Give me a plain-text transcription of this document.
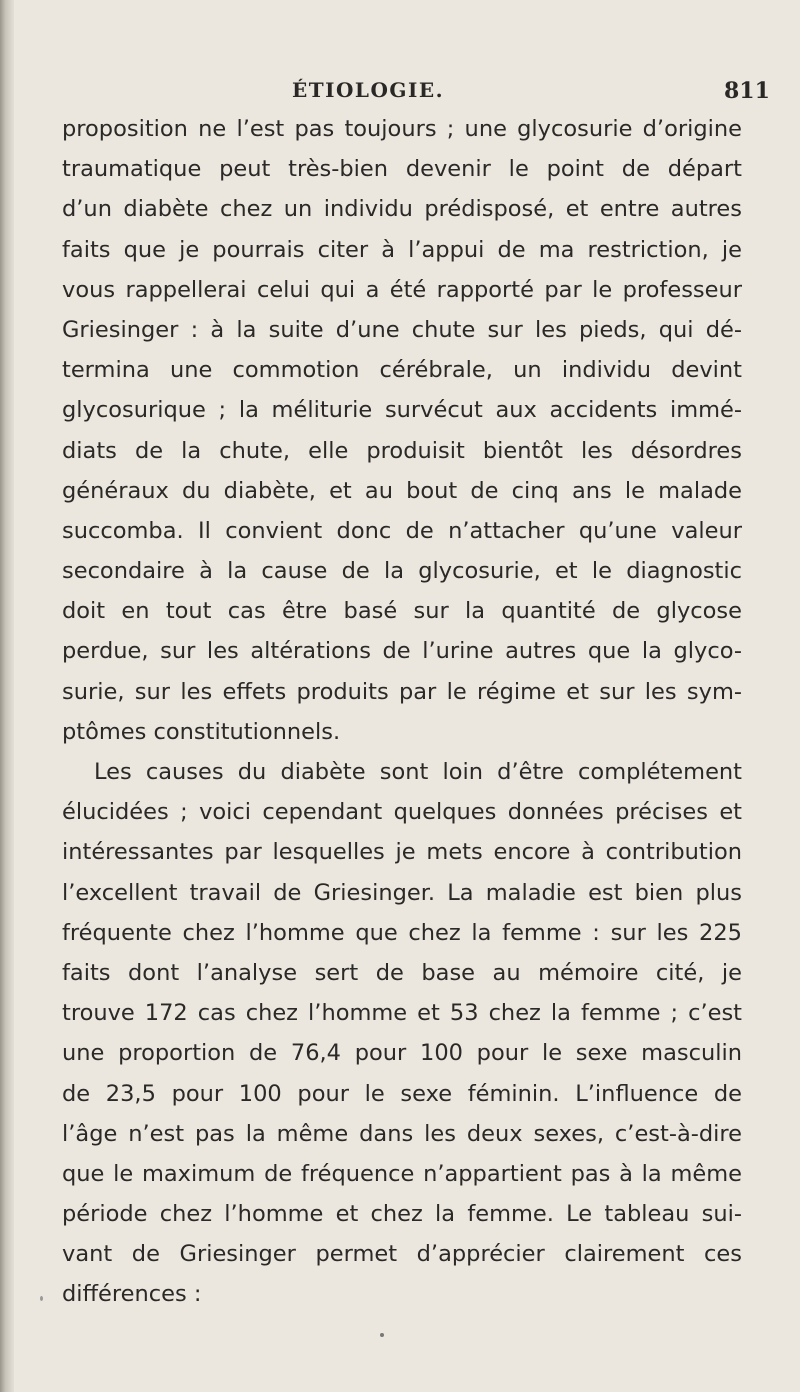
ÉTIOLOGIE.	811
proposition ne l’est pas toujours ; une glycosurie d’origine
traumatique peut très-bien devenir le point de départ
d’un diabète chez un individu prédisposé, et entre autres
faits que je pourrais citer à l’appui de ma restriction, je
vous rappellerai celui qui a été rapporté par le professeur
Griesinger : à la suite d’une chute sur les pieds, qui dé-
termina une commotion cérébrale, un individu devint
glycosurique ; la méliturie survécut aux accidents immé-
diats de la chute, elle produisit bientôt les désordres
généraux du diabète, et au bout de cinq ans le malade
succomba. Il convient donc de n’attacher qu’une valeur
secondaire à la cause de la glycosurie, et le diagnostic
doit en tout cas être basé sur la quantité de glycose
perdue, sur les altérations de l’urine autres que la glyco-
surie, sur les effets produits par le régime et sur les sym-
ptômes constitutionnels.
Les causes du diabète sont loin d’être complétement
élucidées ; voici cependant quelques données précises et
intéressantes par lesquelles je mets encore à contribution
l’excellent travail de Griesinger. La maladie est bien plus
fréquente chez l’homme que chez la femme : sur les 225
faits dont l’analyse sert de base au mémoire cité, je
trouve 172 cas chez l’homme et 53 chez la femme ; c’est
une proportion de 76,4 pour 100 pour le sexe masculin
de 23,5 pour 100 pour le sexe féminin. L’influence de
l’âge n’est pas la même dans les deux sexes, c’est-à-dire
que le maximum de fréquence n’appartient pas à la même
période chez l’homme et chez la femme. Le tableau sui-
vant de Griesinger permet d’apprécier clairement ces
différences :
